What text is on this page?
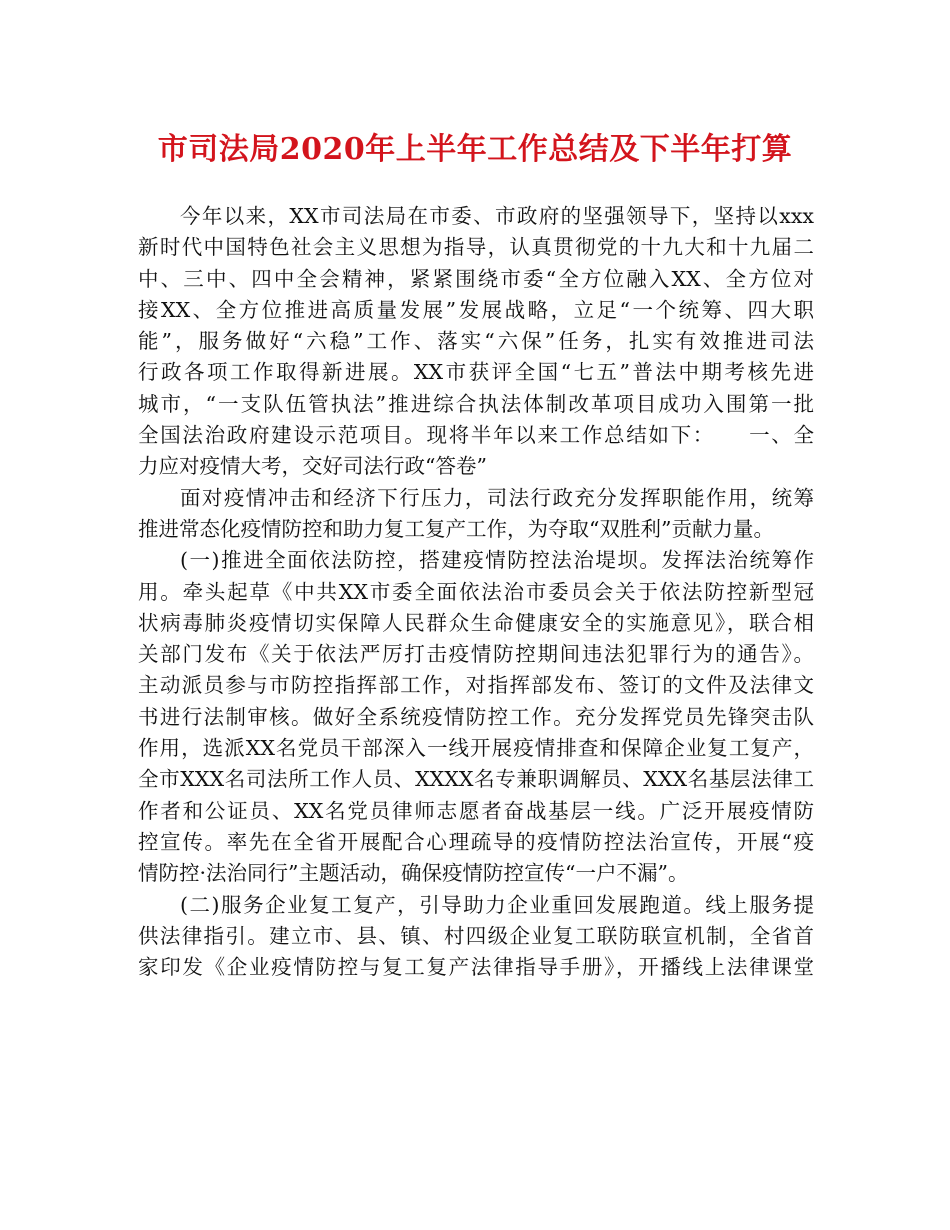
市司法局2020年上半年工作总结及下半年打算
今年以来，XX市司法局在市委、市政府的坚强领导下，坚持以xxx
新时代中国特色社会主义思想为指导，认真贯彻党的十九大和十九届二
中、三中、四中全会精神，紧紧围绕市委“全方位融入XX、全方位对
接XX、全方位推进高质量发展”发展战略，立足“一个统筹、四大职
能”，服务做好“六稳”工作、落实“六保”任务，扎实有效推进司法
行政各项工作取得新进展。XX市获评全国“七五”普法中期考核先进
城市，“一支队伍管执法”推进综合执法体制改革项目成功入围第一批
全国法治政府建设示范项目。现将半年以来工作总结如下：　　一、全
力应对疫情大考，交好司法行政“答卷”
面对疫情冲击和经济下行压力，司法行政充分发挥职能作用，统筹
推进常态化疫情防控和助力复工复产工作，为夺取“双胜利”贡献力量。
(一)推进全面依法防控，搭建疫情防控法治堤坝。发挥法治统筹作
用。牵头起草《中共XX市委全面依法治市委员会关于依法防控新型冠
状病毒肺炎疫情切实保障人民群众生命健康安全的实施意见》，联合相
关部门发布《关于依法严厉打击疫情防控期间违法犯罪行为的通告》。
主动派员参与市防控指挥部工作，对指挥部发布、签订的文件及法律文
书进行法制审核。做好全系统疫情防控工作。充分发挥党员先锋突击队
作用，选派XX名党员干部深入一线开展疫情排查和保障企业复工复产，
全市XXX名司法所工作人员、XXXX名专兼职调解员、XXX名基层法律工
作者和公证员、XX名党员律师志愿者奋战基层一线。广泛开展疫情防
控宣传。率先在全省开展配合心理疏导的疫情防控法治宣传，开展“疫
情防控·法治同行”主题活动，确保疫情防控宣传“一户不漏”。
(二)服务企业复工复产，引导助力企业重回发展跑道。线上服务提
供法律指引。建立市、县、镇、村四级企业复工联防联宣机制，全省首
家印发《企业疫情防控与复工复产法律指导手册》，开播线上法律课堂
